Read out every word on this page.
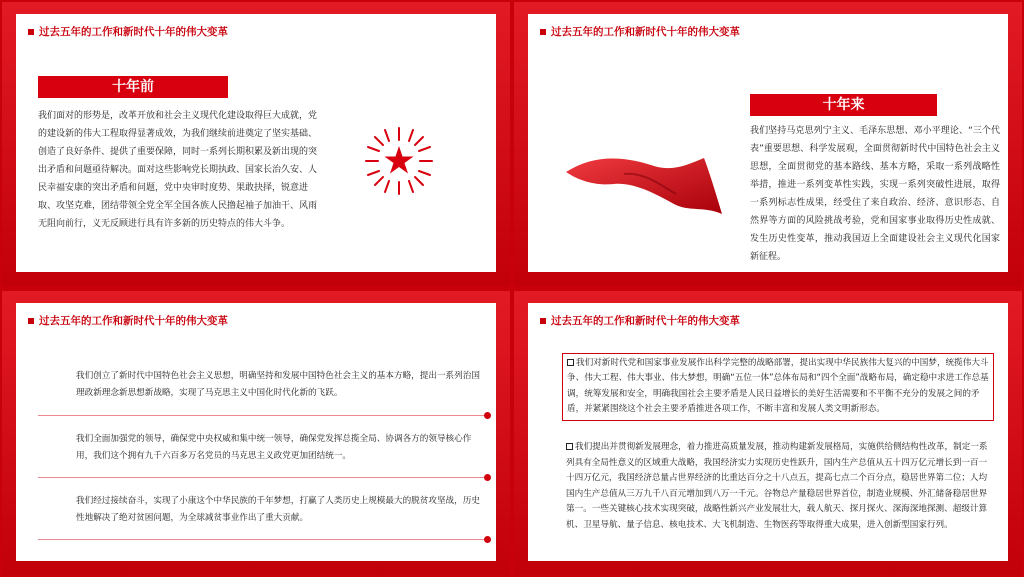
过去五年的工作和新时代十年的伟大变革
十年前
我们面对的形势是，改革开放和社会主义现代化建设取得巨大成就，党的建设新的伟大工程取得显著成效，为我们继续前进奠定了坚实基础、创造了良好条件、提供了重要保障，同时一系列长期积累及新出现的突出矛盾和问题亟待解决。面对这些影响党长期执政、国家长治久安、人民幸福安康的突出矛盾和问题，党中央审时度势、果敢抉择，锐意进取、攻坚克难，团结带领全党全军全国各族人民撸起袖子加油干、风雨无阻向前行，义无反顾进行具有许多新的历史特点的伟大斗争。
过去五年的工作和新时代十年的伟大变革
十年来
我们坚持马克思列宁主义、毛泽东思想、邓小平理论、“三个代表”重要思想、科学发展观，全面贯彻新时代中国特色社会主义思想，全面贯彻党的基本路线、基本方略，采取一系列战略性举措，推进一系列变革性实践，实现一系列突破性进展，取得一系列标志性成果，经受住了来自政治、经济、意识形态、自然界等方面的风险挑战考验，党和国家事业取得历史性成就、发生历史性变革，推动我国迈上全面建设社会主义现代化国家新征程。
过去五年的工作和新时代十年的伟大变革
我们创立了新时代中国特色社会主义思想，明确坚持和发展中国特色社会主义的基本方略，提出一系列治国理政新理念新思想新战略，实现了马克思主义中国化时代化新的飞跃。
我们全面加强党的领导，确保党中央权威和集中统一领导，确保党发挥总揽全局、协调各方的领导核心作用，我们这个拥有九千六百多万名党员的马克思主义政党更加团结统一。
我们经过接续奋斗，实现了小康这个中华民族的千年梦想，打赢了人类历史上规模最大的脱贫攻坚战，历史性地解决了绝对贫困问题，为全球减贫事业作出了重大贡献。
过去五年的工作和新时代十年的伟大变革
我们对新时代党和国家事业发展作出科学完整的战略部署，提出实现中华民族伟大复兴的中国梦，统揽伟大斗争、伟大工程、伟大事业、伟大梦想，明确“五位一体”总体布局和“四个全面”战略布局，确定稳中求进工作总基调，统筹发展和安全，明确我国社会主要矛盾是人民日益增长的美好生活需要和不平衡不充分的发展之间的矛盾，并紧紧围绕这个社会主要矛盾推进各项工作，不断丰富和发展人类文明新形态。
我们提出并贯彻新发展理念，着力推进高质量发展，推动构建新发展格局，实施供给侧结构性改革，制定一系列具有全局性意义的区域重大战略，我国经济实力实现历史性跃升，国内生产总值从五十四万亿元增长到一百一十四万亿元，我国经济总量占世界经济的比重达百分之十八点五，提高七点二个百分点，稳居世界第二位；人均国内生产总值从三万九千八百元增加到八万一千元。谷物总产量稳居世界首位，制造业规模、外汇储备稳居世界第一。一些关键核心技术实现突破，战略性新兴产业发展壮大，载人航天、探月探火、深海深地探测、超级计算机、卫星导航、量子信息、核电技术、大飞机制造、生物医药等取得重大成果，进入创新型国家行列。
